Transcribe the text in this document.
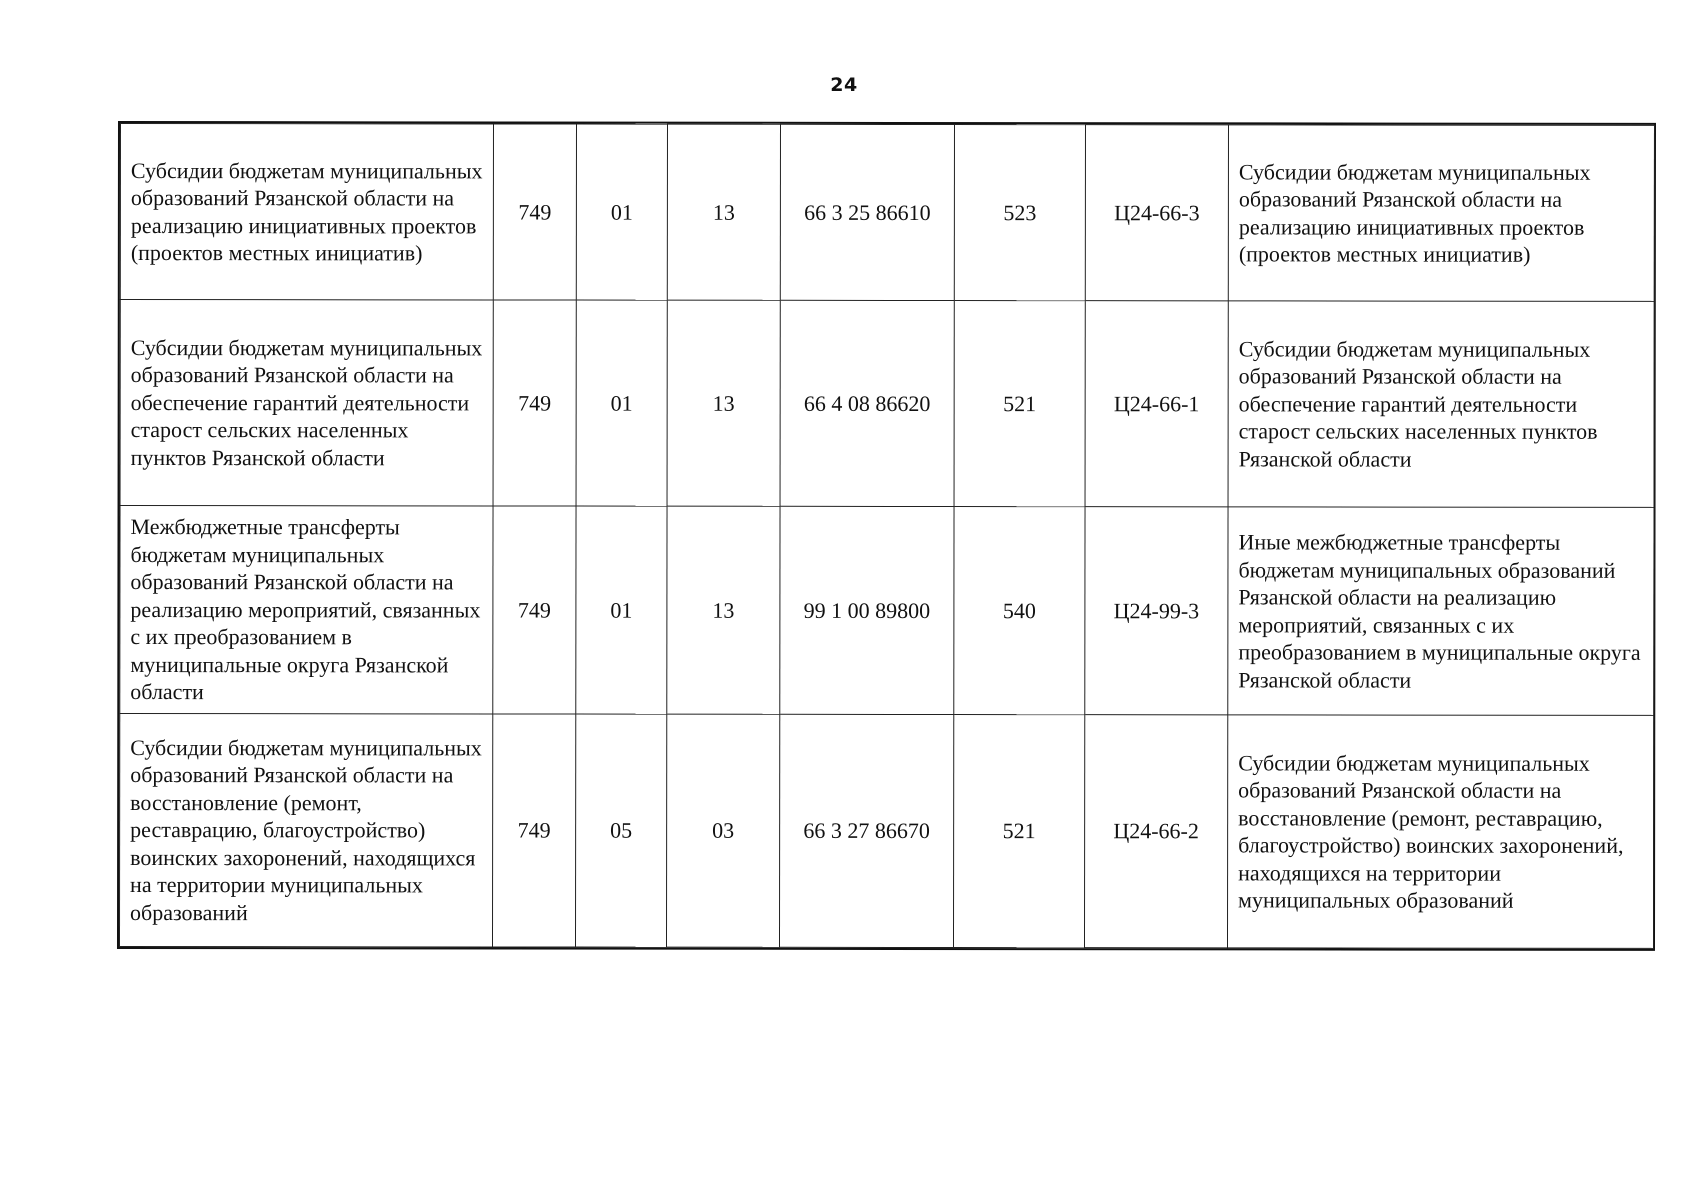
24
Субсидии бюджетам муниципальных образований Рязанской области на реализацию инициативных проектов (проектов местных инициатив)	749	01	13	66 3 25 86610	523	Ц24-66-3	Субсидии бюджетам муниципальных образований Рязанской области на реализацию инициативных проектов (проектов местных инициатив)
Субсидии бюджетам муниципальных образований Рязанской области на обеспечение гарантий деятельности старост сельских населенных пунктов Рязанской области	749	01	13	66 4 08 86620	521	Ц24-66-1	Субсидии бюджетам муниципальных образований Рязанской области на обеспечение гарантий деятельности старост сельских населенных пунктов Рязанской области
Межбюджетные трансферты бюджетам муниципальных образований Рязанской области на реализацию мероприятий, связанных с их преобразованием в муниципальные округа Рязанской области	749	01	13	99 1 00 89800	540	Ц24-99-3	Иные межбюджетные трансферты бюджетам муниципальных образований Рязанской области на реализацию мероприятий, связанных с их преобразованием в муниципальные округа Рязанской области
Субсидии бюджетам муниципальных образований Рязанской области на восстановление (ремонт, реставрацию, благоустройство) воинских захоронений, находящихся на территории муниципальных образований	749	05	03	66 3 27 86670	521	Ц24-66-2	Субсидии бюджетам муниципальных образований Рязанской области на восстановление (ремонт, реставрацию, благоустройство) воинских захоронений, находящихся на территории муниципальных образований
